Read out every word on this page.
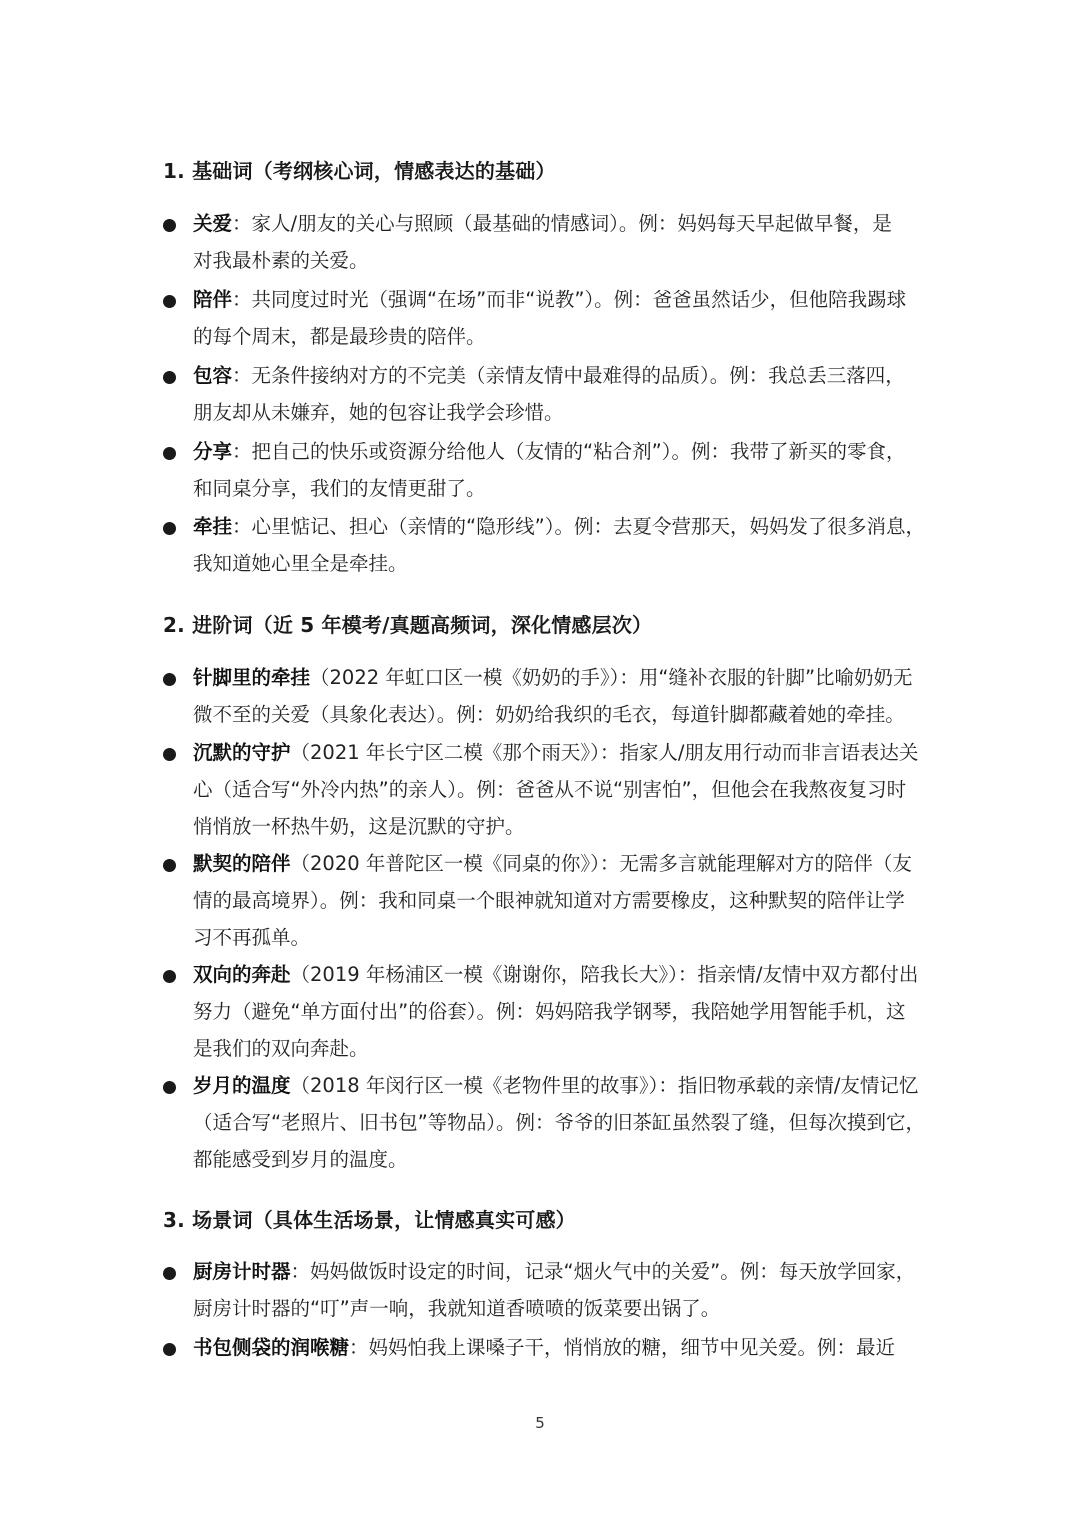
1. 基础词（考纲核心词，情感表达的基础）
关爱：家人/朋友的关心与照顾（最基础的情感词）。例：妈妈每天早起做早餐，是
对我最朴素的关爱。
陪伴：共同度过时光（强调“在场”而非“说教”）。例：爸爸虽然话少，但他陪我踢球
的每个周末，都是最珍贵的陪伴。
包容：无条件接纳对方的不完美（亲情友情中最难得的品质）。例：我总丢三落四，
朋友却从未嫌弃，她的包容让我学会珍惜。
分享：把自己的快乐或资源分给他人（友情的“粘合剂”）。例：我带了新买的零食，
和同桌分享，我们的友情更甜了。
牵挂：心里惦记、担心（亲情的“隐形线”）。例：去夏令营那天，妈妈发了很多消息，
我知道她心里全是牵挂。
2. 进阶词（近 5 年模考/真题高频词，深化情感层次）
针脚里的牵挂（2022 年虹口区一模《奶奶的手》）：用“缝补衣服的针脚”比喻奶奶无
微不至的关爱（具象化表达）。例：奶奶给我织的毛衣，每道针脚都藏着她的牵挂。
沉默的守护（2021 年长宁区二模《那个雨天》）：指家人/朋友用行动而非言语表达关
心（适合写“外冷内热”的亲人）。例：爸爸从不说“别害怕”，但他会在我熬夜复习时
悄悄放一杯热牛奶，这是沉默的守护。
默契的陪伴（2020 年普陀区一模《同桌的你》）：无需多言就能理解对方的陪伴（友
情的最高境界）。例：我和同桌一个眼神就知道对方需要橡皮，这种默契的陪伴让学
习不再孤单。
双向的奔赴（2019 年杨浦区一模《谢谢你，陪我长大》）：指亲情/友情中双方都付出
努力（避免“单方面付出”的俗套）。例：妈妈陪我学钢琴，我陪她学用智能手机，这
是我们的双向奔赴。
岁月的温度（2018 年闵行区一模《老物件里的故事》）：指旧物承载的亲情/友情记忆
（适合写“老照片、旧书包”等物品）。例：爷爷的旧茶缸虽然裂了缝，但每次摸到它，
都能感受到岁月的温度。
3. 场景词（具体生活场景，让情感真实可感）
厨房计时器：妈妈做饭时设定的时间，记录“烟火气中的关爱”。例：每天放学回家，
厨房计时器的“叮”声一响，我就知道香喷喷的饭菜要出锅了。
书包侧袋的润喉糖：妈妈怕我上课嗓子干，悄悄放的糖，细节中见关爱。例：最近
5
